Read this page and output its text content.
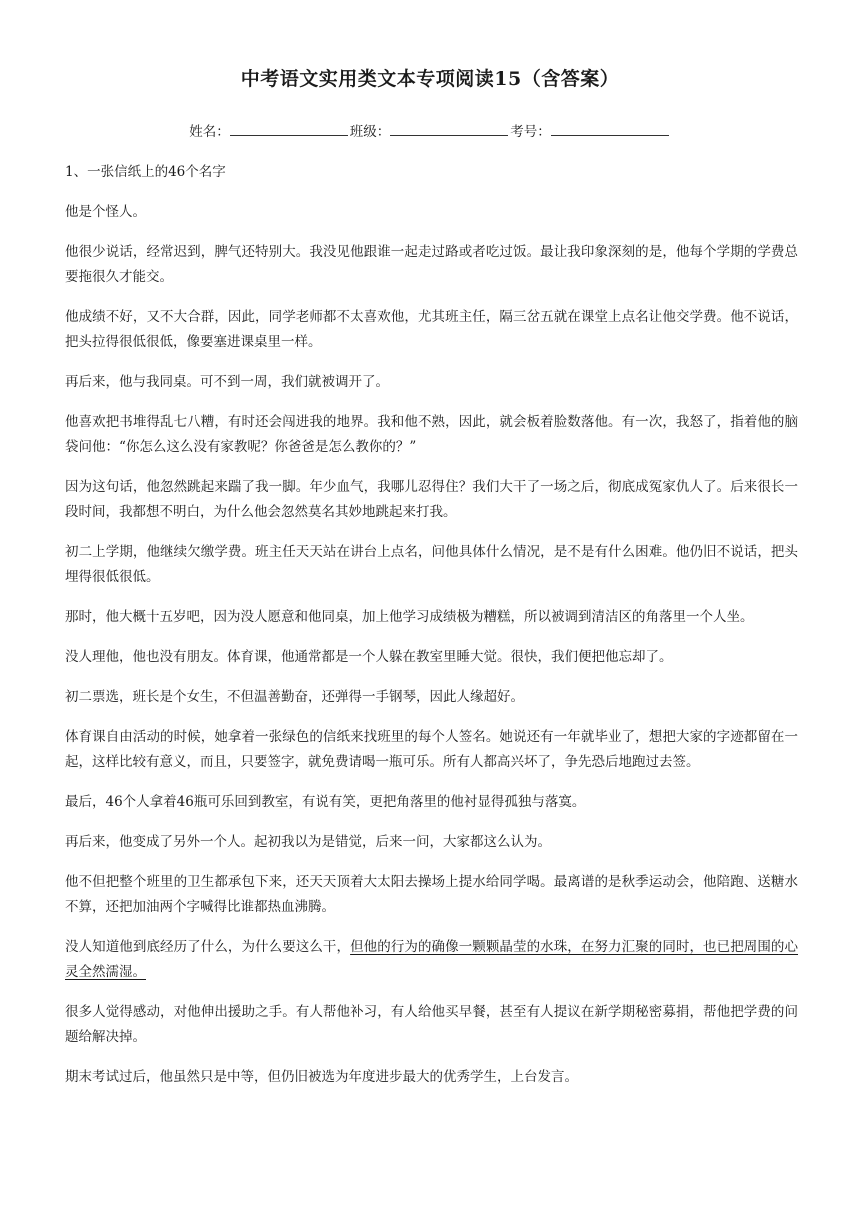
中考语文实用类文本专项阅读15（含答案）
姓名：	班级：	考号：

1、一张信纸上的46个名字

他是个怪人。

他很少说话，经常迟到，脾气还特别大。我没见他跟谁一起走过路或者吃过饭。最让我印象深刻的是，他每个学期的学费总要拖很久才能交。

他成绩不好，又不大合群，因此，同学老师都不太喜欢他，尤其班主任，隔三岔五就在课堂上点名让他交学费。他不说话，把头拉得很低很低，像要塞进课桌里一样。

再后来，他与我同桌。可不到一周，我们就被调开了。

他喜欢把书堆得乱七八糟，有时还会闯进我的地界。我和他不熟，因此，就会板着脸数落他。有一次，我怒了，指着他的脑袋问他：“你怎么这么没有家教呢？你爸爸是怎么教你的？”

因为这句话，他忽然跳起来踹了我一脚。年少血气，我哪儿忍得住？我们大干了一场之后，彻底成冤家仇人了。后来很长一段时间，我都想不明白，为什么他会忽然莫名其妙地跳起来打我。

初二上学期，他继续欠缴学费。班主任天天站在讲台上点名，问他具体什么情况，是不是有什么困难。他仍旧不说话，把头埋得很低很低。

那时，他大概十五岁吧，因为没人愿意和他同桌，加上他学习成绩极为糟糕，所以被调到清洁区的角落里一个人坐。

没人理他，他也没有朋友。体育课，他通常都是一个人躲在教室里睡大觉。很快，我们便把他忘却了。

初二票选，班长是个女生，不但温善勤奋，还弹得一手钢琴，因此人缘超好。

体育课自由活动的时候，她拿着一张绿色的信纸来找班里的每个人签名。她说还有一年就毕业了，想把大家的字迹都留在一起，这样比较有意义，而且，只要签字，就免费请喝一瓶可乐。所有人都高兴坏了，争先恐后地跑过去签。

最后，46个人拿着46瓶可乐回到教室，有说有笑，更把角落里的他衬显得孤独与落寞。

再后来，他变成了另外一个人。起初我以为是错觉，后来一问，大家都这么认为。

他不但把整个班里的卫生都承包下来，还天天顶着大太阳去操场上提水给同学喝。最离谱的是秋季运动会，他陪跑、送糖水不算，还把加油两个字喊得比谁都热血沸腾。

没人知道他到底经历了什么，为什么要这么干，但他的行为的确像一颗颗晶莹的水珠，在努力汇聚的同时，也已把周围的心灵全然濡湿。

很多人觉得感动，对他伸出援助之手。有人帮他补习，有人给他买早餐，甚至有人提议在新学期秘密募捐，帮他把学费的问题给解决掉。

期末考试过后，他虽然只是中等，但仍旧被选为年度进步最大的优秀学生，上台发言。
